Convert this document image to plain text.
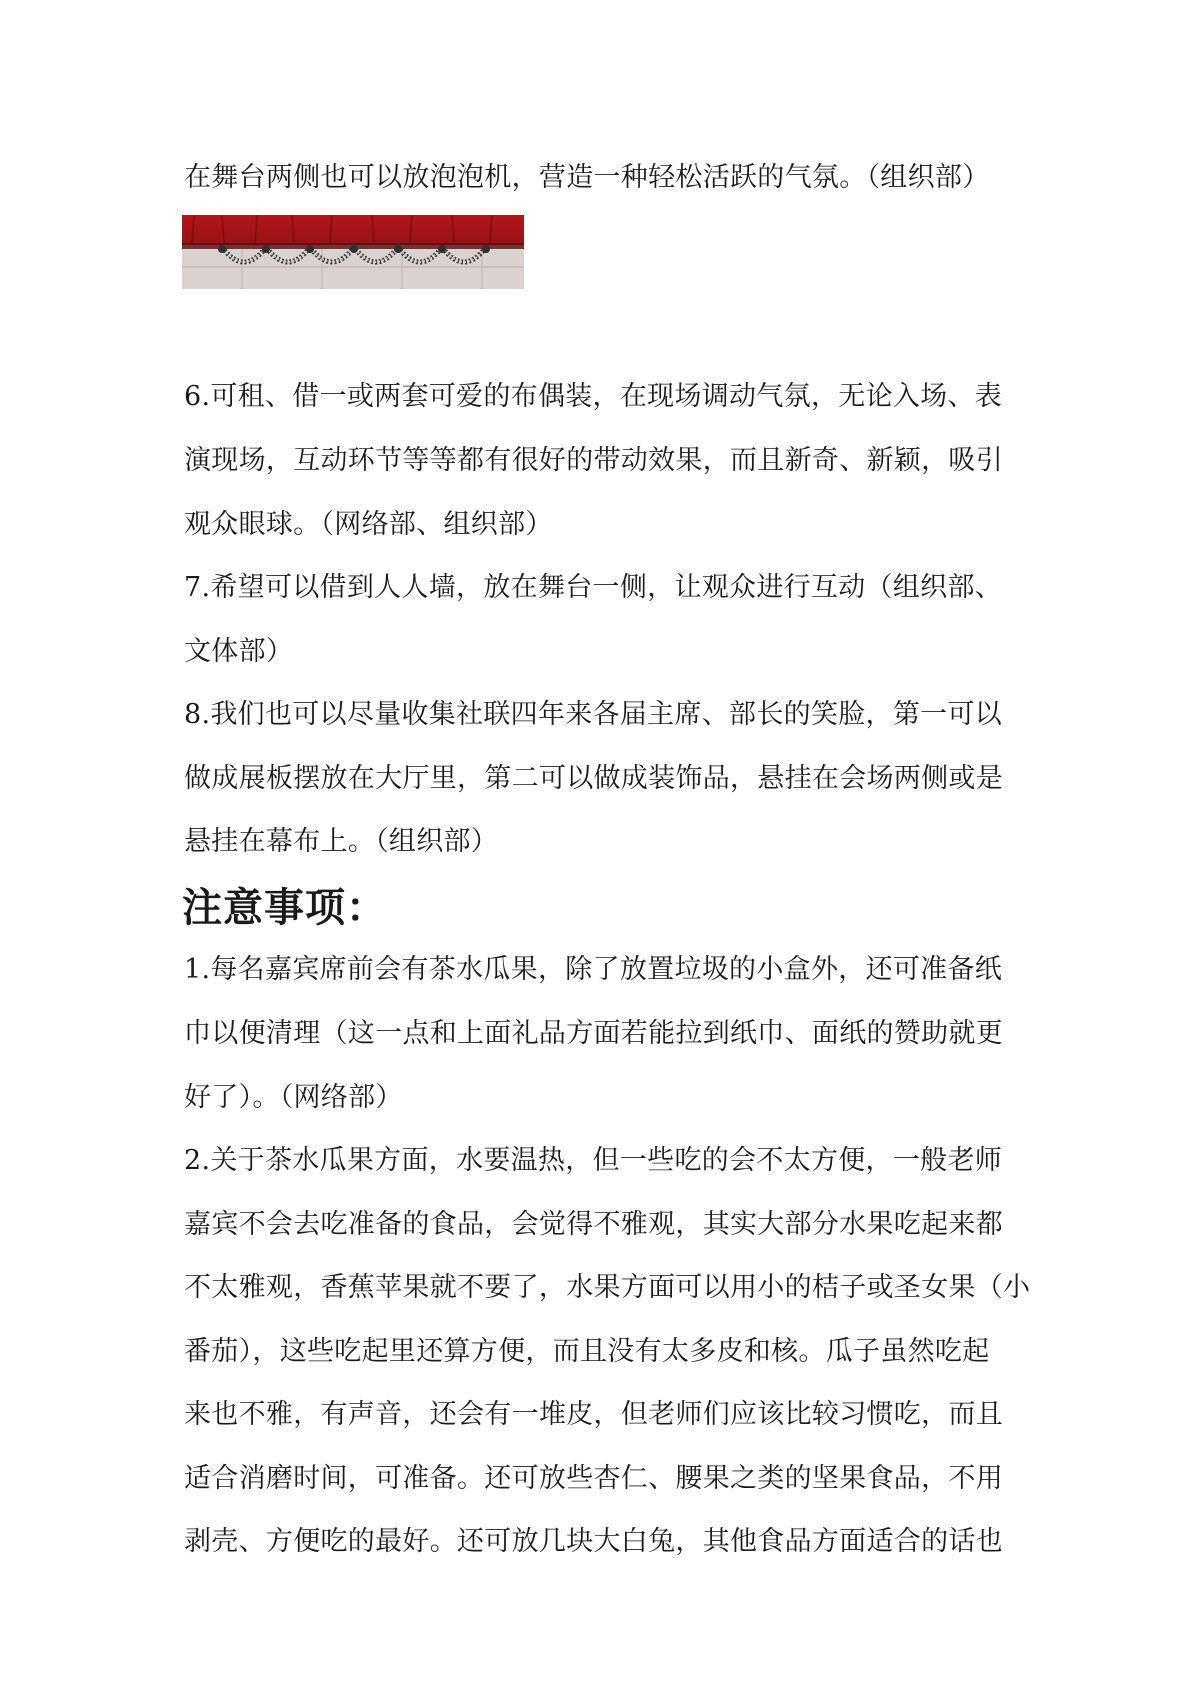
在舞台两侧也可以放泡泡机，营造一种轻松活跃的气氛。（组织部）
6.可租、借一或两套可爱的布偶装，在现场调动气氛，无论入场、表
演现场，互动环节等等都有很好的带动效果，而且新奇、新颖，吸引
观众眼球。（网络部、组织部）
7.希望可以借到人人墙，放在舞台一侧，让观众进行互动（组织部、
文体部）
8.我们也可以尽量收集社联四年来各届主席、部长的笑脸，第一可以
做成展板摆放在大厅里，第二可以做成装饰品，悬挂在会场两侧或是
悬挂在幕布上。（组织部）
注意事项：
1.每名嘉宾席前会有茶水瓜果，除了放置垃圾的小盒外，还可准备纸
巾以便清理（这一点和上面礼品方面若能拉到纸巾、面纸的赞助就更
好了）。（网络部）
2.关于茶水瓜果方面，水要温热，但一些吃的会不太方便，一般老师
嘉宾不会去吃准备的食品，会觉得不雅观，其实大部分水果吃起来都
不太雅观，香蕉苹果就不要了，水果方面可以用小的桔子或圣女果（小
番茄），这些吃起里还算方便，而且没有太多皮和核。瓜子虽然吃起
来也不雅，有声音，还会有一堆皮，但老师们应该比较习惯吃，而且
适合消磨时间，可准备。还可放些杏仁、腰果之类的坚果食品，不用
剥壳、方便吃的最好。还可放几块大白兔，其他食品方面适合的话也
